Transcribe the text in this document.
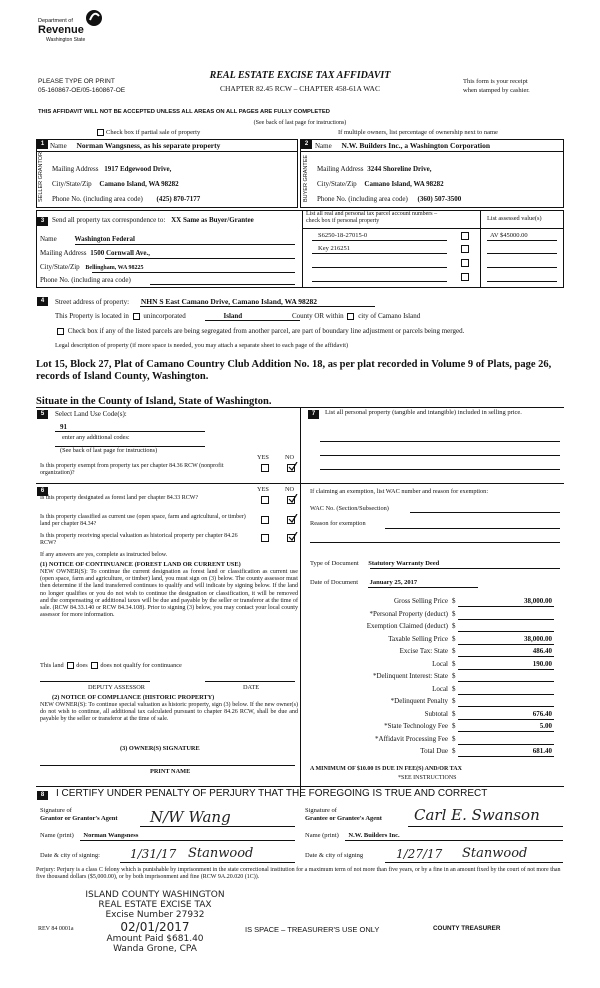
Department of
Revenue
Washington State
PLEASE TYPE OR PRINT
05-160867-OE/05-160867-OE
REAL ESTATE EXCISE TAX AFFIDAVIT
CHAPTER 82.45 RCW – CHAPTER 458-61A WAC
This form is your receipt
when stamped by cashier.
THIS AFFIDAVIT WILL NOT BE ACCEPTED UNLESS ALL AREAS ON ALL PAGES ARE FULLY COMPLETED
(See back of last page for instructions)
Check box if partial sale of property	If multiple owners, list percentage of ownership next to name
1	2
SELLER GRANTOR	BUYER GRANTEE
Name Norman Wangsness, as his separate property
Mailing Address 1917 Edgewood Drive,
City/State/Zip Camano Island, WA 98282
Phone No. (including area code) (425) 870-7177
Name N.W. Builders Inc., a Washington Corporation
Mailing Address 3244 Shoreline Drive,
City/State/Zip Camano Island, WA 98282
Phone No. (including area code) (360) 507-3500
3	Send all property tax correspondence to: XX Same as Buyer/Grantee
Name	Washington Federal
Mailing Address 1500 Cornwall Ave.,
City/State/Zip Bellingham, WA 98225
Phone No. (including area code)
List all real and personal tax parcel account numbers – check box if personal property	List assessed value(s)
S6250-18-27015-0	AV $45000.00
Key 216251
4	Street address of property: NHN S East Camano Drive, Camano Island, WA 98282
This Property is located in unincorporated	Island	County OR within city of Camano Island
Check box if any of the listed parcels are being segregated from another parcel, are part of boundary line adjustment or parcels being merged.
Legal description of property (if more space is needed, you may attach a separate sheet to each page of the affidavit)
Lot 15, Block 27, Plat of Camano Country Club Addition No. 18, as per plat recorded in Volume 9 of Plats, page 26, records of Island County, Washington.
Situate in the County of Island, State of Washington.
5	Select Land Use Code(s):
91
enter any additional codes:
(See back of last page for instructions)
YES	NO
Is this property exempt from property tax per chapter 84.36 RCW (nonprofit organization)?
6	YES	NO
Is this property designated as forest land per chapter 84.33 RCW?
Is this property classified as current use (open space, farm and agricultural, or timber) land per chapter 84.34?
Is this property receiving special valuation as historical property per chapter 84.26 RCW?
If any answers are yes, complete as instructed below.
(1) NOTICE OF CONTINUANCE (FOREST LAND OR CURRENT USE)
NEW OWNER(S): To continue the current designation as forest land or classification as current use (open space, farm and agriculture, or timber) land, you must sign on (3) below. The county assessor must then determine if the land transferred continues to qualify and will indicate by signing below. If the land no longer qualifies or you do not wish to continue the designation or classification, it will be removed and the compensating or additional taxes will be due and payable by the seller or transferor at the time of sale. (RCW 84.33.140 or RCW 84.34.108). Prior to signing (3) below, you may contact your local county assessor for more information.
This land does does not qualify for continuance
DEPUTY ASSESSOR	DATE
(2) NOTICE OF COMPLIANCE (HISTORIC PROPERTY)
NEW OWNER(S): To continue special valuation as historic property, sign (3) below. If the new owner(s) do not wish to continue, all additional tax calculated pursuant to chapter 84.26 RCW, shall be due and payable by the seller or transferor at the time of sale.
(3) OWNER(S) SIGNATURE
PRINT NAME
7	List all personal property (tangible and intangible) included in selling price.
If claiming an exemption, list WAC number and reason for exemption:
WAC No. (Section/Subsection)
Reason for exemption
Type of Document Statutory Warranty Deed
Date of Document January 25, 2017
Gross Selling Price $	38,000.00
*Personal Property (deduct) $
Exemption Claimed (deduct) $
Taxable Selling Price $	38,000.00
Excise Tax: State $	486.40
Local $	190.00
*Delinquent Interest: State $
Local $
*Delinquent Penalty $
Subtotal $	676.40
*State Technology Fee $	5.00
*Affidavit Processing Fee $
Total Due $	681.40
A MINIMUM OF $10.00 IS DUE IN FEE(S) AND/OR TAX
*SEE INSTRUCTIONS
8	I CERTIFY UNDER PENALTY OF PERJURY THAT THE FOREGOING IS TRUE AND CORRECT
Signature of
Grantor or Grantor's Agent N/W Wang
Name (print) Norman Wangsness
Date & city of signing:	1/31/17 Stanwood
Signature of
Grantee or Grantee's Agent Carl E. Swanson
Name (print) N.W. Builders Inc.
Date & city of signing	1/27/17 Stanwood
Perjury: Perjury is a class C felony which is punishable by imprisonment in the state correctional institution for a maximum term of not more than five years, or by a fine in an amount fixed by the court of not more than five thousand dollars ($5,000.00), or by both imprisonment and fine (RCW 9A.20.020 (1C)).
ISLAND COUNTY WASHINGTON
REAL ESTATE EXCISE TAX
Excise Number 27932
02/01/2017
Amount Paid $681.40
Wanda Grone, CPA
REV 84 0001a	IS SPACE – TREASURER'S USE ONLY	COUNTY TREASURER
